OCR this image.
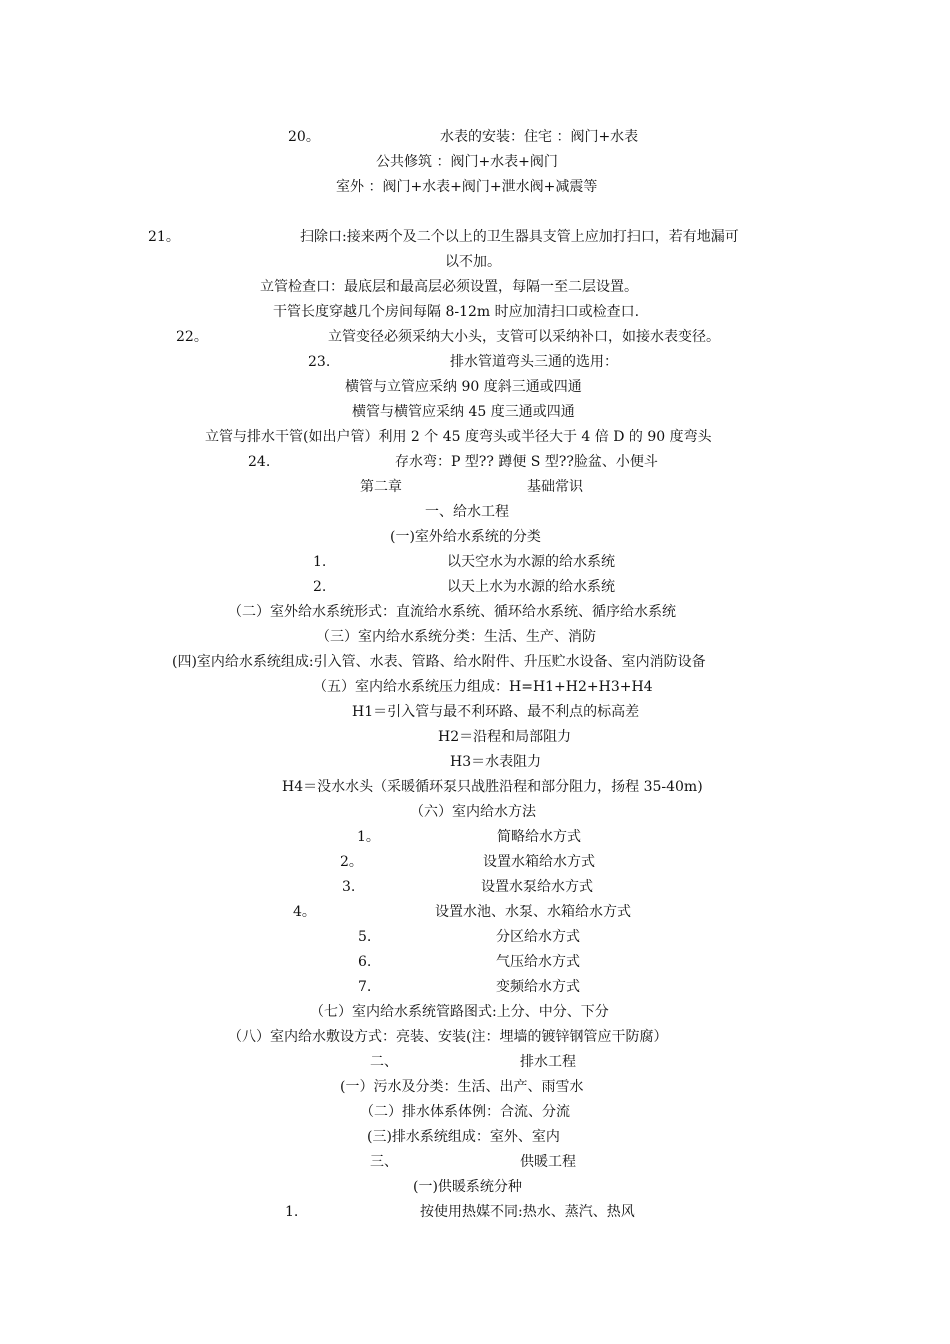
20。	水表的安装：住宅 ：阀门+水表
公共修筑 ：阀门+水表+阀门
室外 ：阀门+水表+阀门+泄水阀+减震等
21。	扫除口:接来两个及二个以上的卫生器具支管上应加打扫口，若有地漏可
以不加。
立管检查口：最底层和最高层必须设置，每隔一至二层设置。
干管长度穿越几个房间每隔 8-12m 时应加清扫口或检查口.
22。	立管变径必须采纳大小头，支管可以采纳补口，如接水表变径。
23.	排水管道弯头三通的选用：
横管与立管应采纳 90 度斜三通或四通
横管与横管应采纳 45 度三通或四通
立管与排水干管(如出户管）利用 2 个 45 度弯头或半径大于 4 倍 D 的 90 度弯头
24.	存水弯：P 型?? 蹲便 S 型??脸盆、小便斗
第二章	基础常识
一、给水工程
(一)室外给水系统的分类
1.	以天空水为水源的给水系统
2.	以天上水为水源的给水系统
（二）室外给水系统形式：直流给水系统、循环给水系统、循序给水系统
（三）室内给水系统分类：生活、生产、消防
(四)室内给水系统组成:引入管、水表、管路、给水附件、升压贮水设备、室内消防设备
（五）室内给水系统压力组成：H=H1+H2+H3+H4
H1＝引入管与最不利环路、最不利点的标高差
H2＝沿程和局部阻力
H3＝水表阻力
H4＝没水水头（采暖循环泵只战胜沿程和部分阻力，扬程 35-40m)
（六）室内给水方法
1。	简略给水方式
2。	设置水箱给水方式
3.	设置水泵给水方式
4。	设置水池、水泵、水箱给水方式
5.	分区给水方式
6.	气压给水方式
7.	变频给水方式
（七）室内给水系统管路图式:上分、中分、下分
（八）室内给水敷设方式：亮装、安装(注：埋墙的镀锌钢管应干防腐）
二、	排水工程
(一）污水及分类：生活、出产、雨雪水
（二）排水体系体例：合流、分流
(三)排水系统组成：室外、室内
三、	供暖工程
(一)供暖系统分种
1.	按使用热媒不同:热水、蒸汽、热风
